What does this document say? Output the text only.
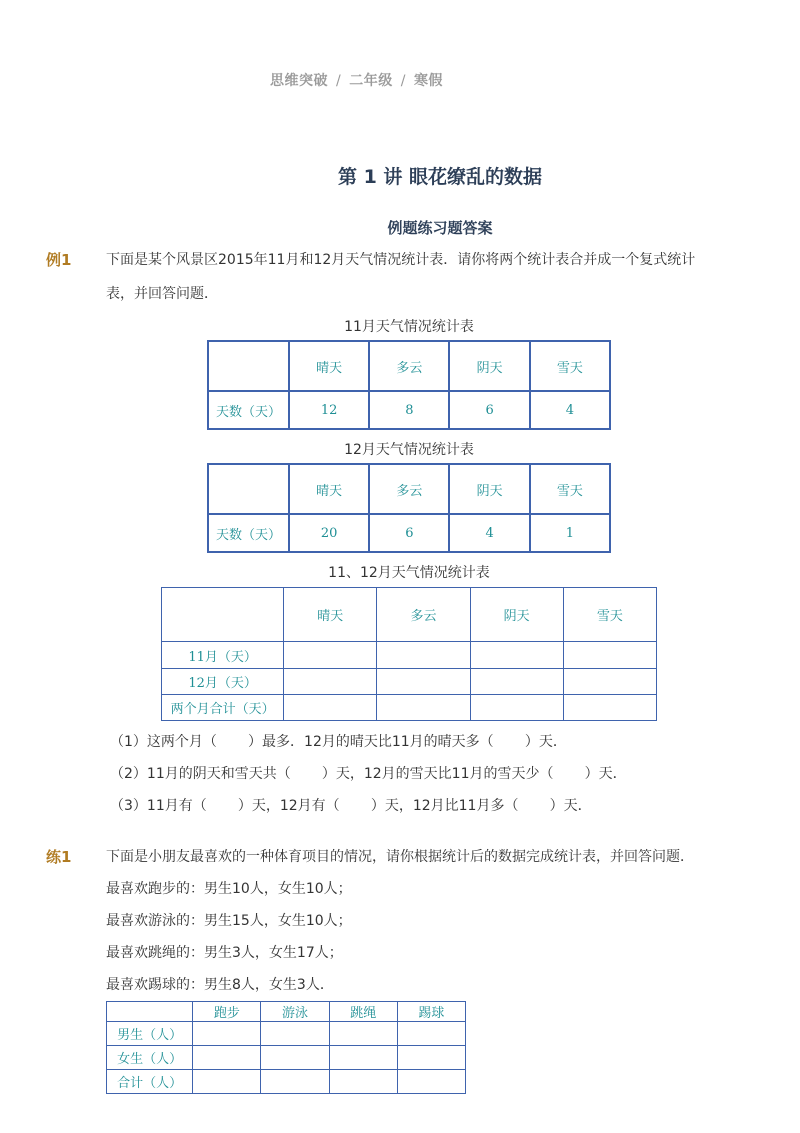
思维突破 / 二年级 / 寒假
第 1 讲 眼花缭乱的数据
例题练习题答案
例1 下面是某个风景区2015年11月和12月天气情况统计表．请你将两个统计表合并成一个复式统计
表，并回答问题．
11月天气情况统计表
	晴天	多云	阴天	雪天
天数（天）	12	8	6	4
12月天气情况统计表
	晴天	多云	阴天	雪天
天数（天）	20	6	4	1
11、12月天气情况统计表
	晴天	多云	阴天	雪天
11月（天）				
12月（天）				
两个月合计（天）				
（1）这两个月（       ）最多．12月的晴天比11月的晴天多（       ）天．
（2）11月的阴天和雪天共（       ）天，12月的雪天比11月的雪天少（       ）天．
（3）11月有（       ）天，12月有（       ）天，12月比11月多（       ）天．
练1 下面是小朋友最喜欢的一种体育项目的情况，请你根据统计后的数据完成统计表，并回答问题．
最喜欢跑步的：男生10人，女生10人；
最喜欢游泳的：男生15人，女生10人；
最喜欢跳绳的：男生3人，女生17人；
最喜欢踢球的：男生8人，女生3人．
	跑步	游泳	跳绳	踢球
男生（人）				
女生（人）				
合计（人）				
